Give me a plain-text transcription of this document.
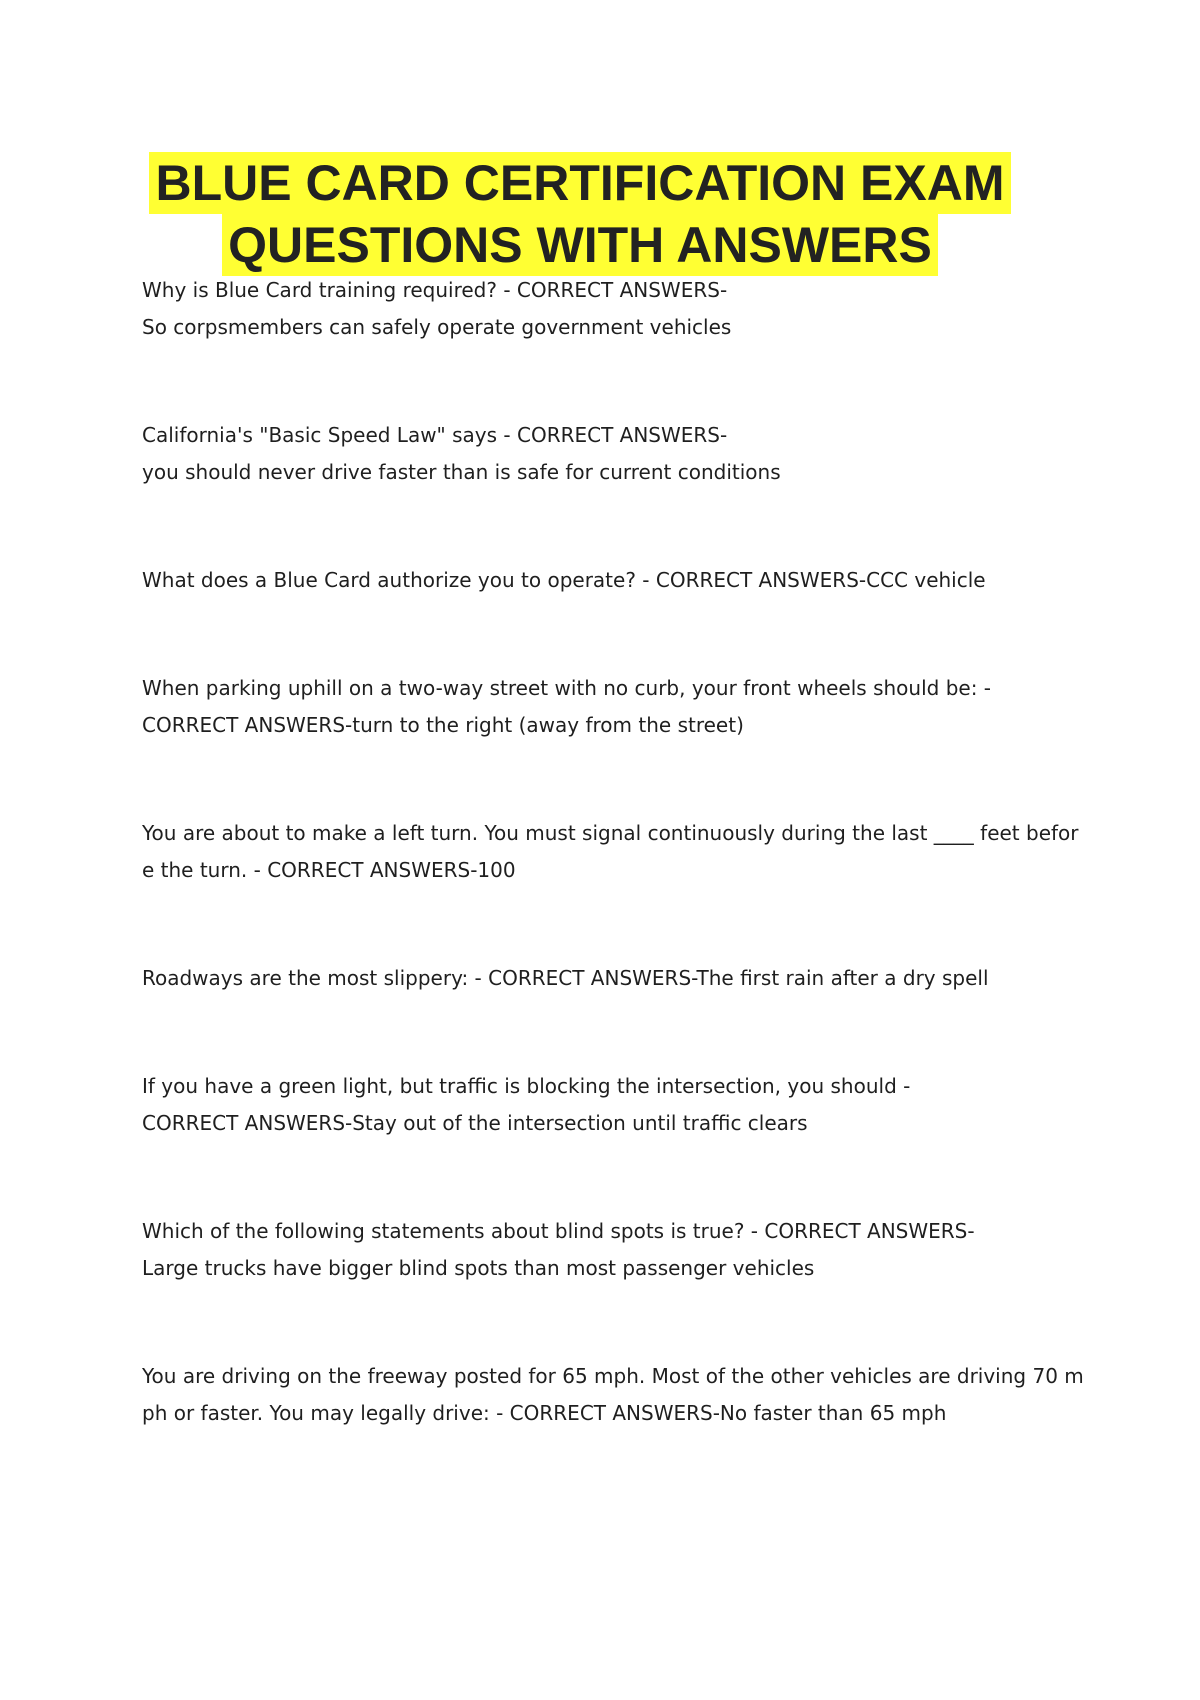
BLUE CARD CERTIFICATION EXAM
QUESTIONS WITH ANSWERS
Why is Blue Card training required? - CORRECT ANSWERS-
So corpsmembers can safely operate government vehicles
California's "Basic Speed Law" says - CORRECT ANSWERS-
you should never drive faster than is safe for current conditions
What does a Blue Card authorize you to operate? - CORRECT ANSWERS-CCC vehicle
When parking uphill on a two-way street with no curb, your front wheels should be: -
CORRECT ANSWERS-turn to the right (away from the street)
You are about to make a left turn. You must signal continuously during the last ____ feet befor
e the turn. - CORRECT ANSWERS-100
Roadways are the most slippery: - CORRECT ANSWERS-The first rain after a dry spell
If you have a green light, but traffic is blocking the intersection, you should -
CORRECT ANSWERS-Stay out of the intersection until traffic clears
Which of the following statements about blind spots is true? - CORRECT ANSWERS-
Large trucks have bigger blind spots than most passenger vehicles
You are driving on the freeway posted for 65 mph. Most of the other vehicles are driving 70 m
ph or faster. You may legally drive: - CORRECT ANSWERS-No faster than 65 mph
